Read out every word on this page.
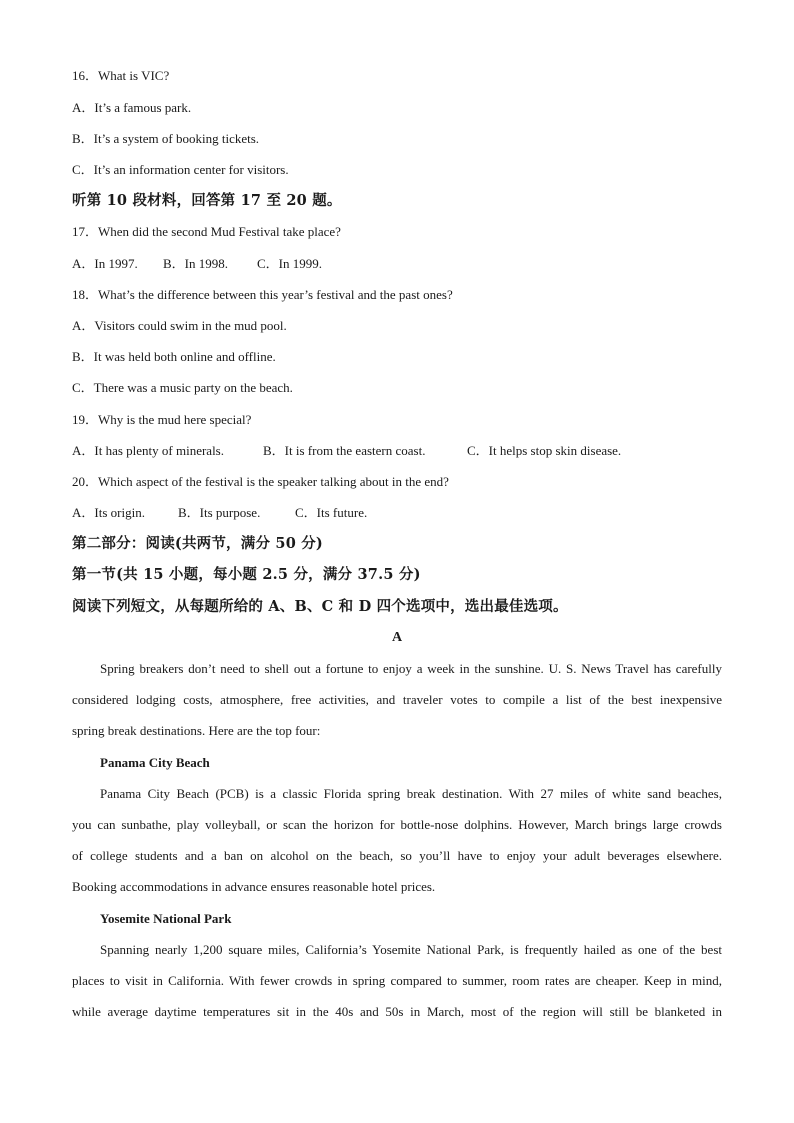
16．What is VIC?
A．It’s a famous park.
B．It’s a system of booking tickets.
C．It’s an information center for visitors.
听第 10 段材料，回答第 17 至 20 题。
17．When did the second Mud Festival take place?
A．In 1997.	B．In 1998.	C．In 1999.
18．What’s the difference between this year’s festival and the past ones?
A．Visitors could swim in the mud pool.
B．It was held both online and offline.
C．There was a music party on the beach.
19．Why is the mud here special?
A．It has plenty of minerals.	B．It is from the eastern coast.	C．It helps stop skin disease.
20．Which aspect of the festival is the speaker talking about in the end?
A．Its origin.	B．Its purpose.	C．Its future.
第二部分：阅读(共两节，满分 50 分)
第一节(共 15 小题，每小题 2.5 分，满分 37.5 分)
阅读下列短文，从每题所给的 A、B、C 和 D 四个选项中，选出最佳选项。
A
Spring breakers don’t need to shell out a fortune to enjoy a week in the sunshine. U. S. News Travel has carefully
considered lodging costs, atmosphere, free activities, and traveler votes to compile a list of the best inexpensive
spring break destinations. Here are the top four:
Panama City Beach
Panama City Beach (PCB) is a classic Florida spring break destination. With 27 miles of white sand beaches,
you can sunbathe, play volleyball, or scan the horizon for bottle-nose dolphins. However, March brings large crowds
of college students and a ban on alcohol on the beach, so you’ll have to enjoy your adult beverages elsewhere.
Booking accommodations in advance ensures reasonable hotel prices.
Yosemite National Park
Spanning nearly 1,200 square miles, California’s Yosemite National Park, is frequently hailed as one of the best
places to visit in California. With fewer crowds in spring compared to summer, room rates are cheaper. Keep in mind,
while average daytime temperatures sit in the 40s and 50s in March, most of the region will still be blanketed in
